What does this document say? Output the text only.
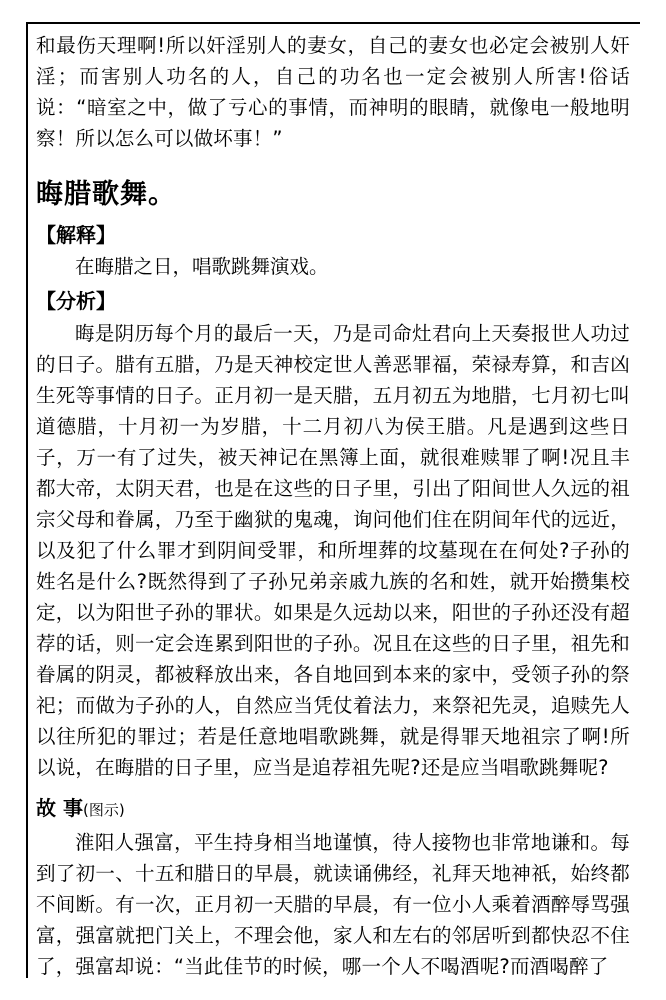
和最伤天理啊!所以奸淫别人的妻女，自己的妻女也必定会被别人奸淫；而害别人功名的人，自己的功名也一定会被别人所害!俗话说：“暗室之中，做了亏心的事情，而神明的眼睛，就像电一般地明察！所以怎么可以做坏事！”

晦腊歌舞。

【解释】

在晦腊之日，唱歌跳舞演戏。

【分析】

晦是阴历每个月的最后一天，乃是司命灶君向上天奏报世人功过的日子。腊有五腊，乃是天神校定世人善恶罪福，荣禄寿算，和吉凶生死等事情的日子。正月初一是天腊，五月初五为地腊，七月初七叫道德腊，十月初一为岁腊，十二月初八为侯王腊。凡是遇到这些日子，万一有了过失，被天神记在黑簿上面，就很难赎罪了啊!况且丰都大帝，太阴天君，也是在这些的日子里，引出了阳间世人久远的祖宗父母和眷属，乃至于幽狱的鬼魂，询问他们住在阴间年代的远近，以及犯了什么罪才到阴间受罪，和所埋葬的坟墓现在在何处?子孙的姓名是什么?既然得到了子孙兄弟亲戚九族的名和姓，就开始攒集校定，以为阳世子孙的罪状。如果是久远劫以来，阳世的子孙还没有超荐的话，则一定会连累到阳世的子孙。况且在这些的日子里，祖先和眷属的阴灵，都被释放出来，各自地回到本来的家中，受领子孙的祭祀；而做为子孙的人，自然应当凭仗着法力，来祭祀先灵，追赎先人以往所犯的罪过；若是任意地唱歌跳舞，就是得罪天地祖宗了啊!所以说，在晦腊的日子里，应当是追荐祖先呢?还是应当唱歌跳舞呢?

故 事(图示)

淮阳人强富，平生持身相当地谨慎，待人接物也非常地谦和。每到了初一、十五和腊日的早晨，就读诵佛经，礼拜天地神祇，始终都不间断。有一次，正月初一天腊的早晨，有一位小人乘着酒醉辱骂强富，强富就把门关上，不理会他，家人和左右的邻居听到都快忍不住了，强富却说：“当此佳节的时候，哪一个人不喝酒呢?而酒喝醉了
